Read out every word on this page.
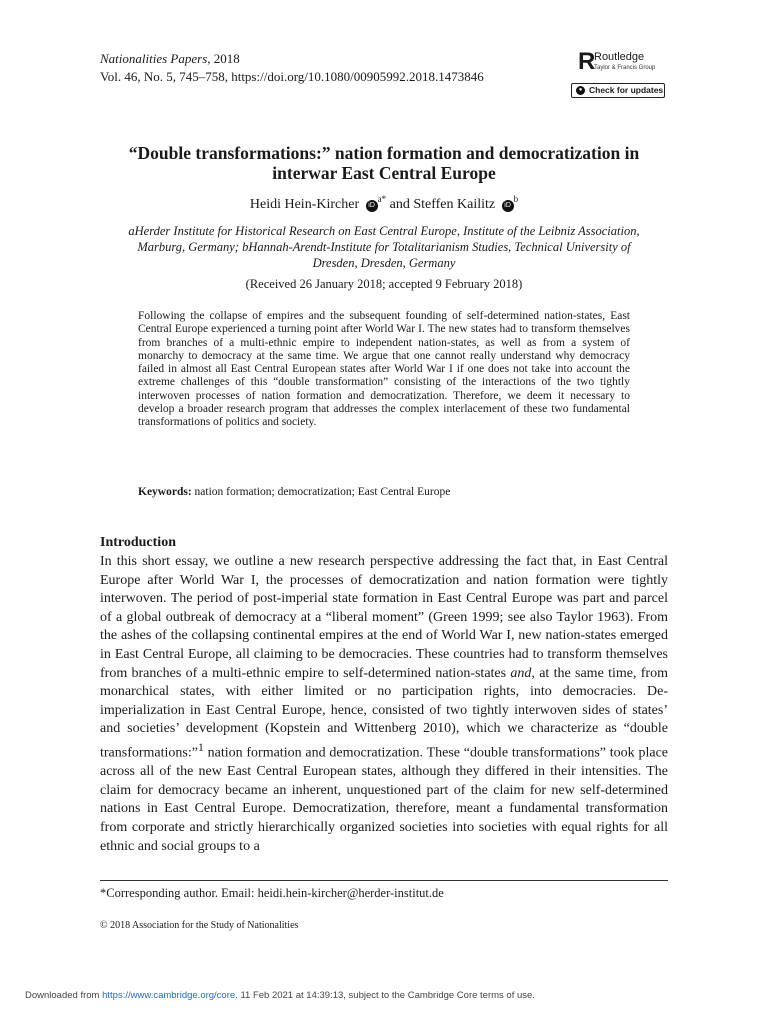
Nationalities Papers, 2018
Vol. 46, No. 5, 745–758, https://doi.org/10.1080/00905992.2018.1473846
R
Routledge
Taylor & Francis Group
● Check for updates
“Double transformations:” nation formation and democratization in
interwar East Central Europe
Heidi Hein-Kircher $iD^{a*}$ and Steffen Kailitz $iD^b$
aHerder Institute for Historical Research on East Central Europe, Institute of the Leibniz Association,
Marburg, Germany; bHannah-Arendt-Institute for Totalitarianism Studies, Technical University of
Dresden, Dresden, Germany
(Received 26 January 2018; accepted 9 February 2018)
Following the collapse of empires and the subsequent founding of self-determined nation-states, East Central Europe experienced a turning point after World War I. The new states had to transform themselves from branches of a multi-ethnic empire to independent nation-states, as well as from a system of monarchy to democracy at the same time. We argue that one cannot really understand why democracy failed in almost all East Central European states after World War I if one does not take into account the extreme challenges of this “double transformation” consisting of the interactions of the two tightly interwoven processes of nation formation and democratization. Therefore, we deem it necessary to develop a broader research program that addresses the complex interlacement of these two fundamental transformations of politics and society.
Keywords: nation formation; democratization; East Central Europe
Introduction
In this short essay, we outline a new research perspective addressing the fact that, in East Central Europe after World War I, the processes of democratization and nation formation were tightly interwoven. The period of post-imperial state formation in East Central Europe was part and parcel of a global outbreak of democracy at a “liberal moment” (Green 1999; see also Taylor 1963). From the ashes of the collapsing continental empires at the end of World War I, new nation-states emerged in East Central Europe, all claiming to be democracies. These countries had to transform themselves from branches of a multi-ethnic empire to self-determined nation-states and, at the same time, from monarchical states, with either limited or no participation rights, into democracies. De-imperialization in East Central Europe, hence, consisted of two tightly interwoven sides of states’ and societies’ development (Kopstein and Wittenberg 2010), which we characterize as “double transformations:”$^1$ nation formation and democratization. These “double transformations” took place across all of the new East Central European states, although they differed in their intensities. The claim for democracy became an inherent, unquestioned part of the claim for new self-determined nations in East Central Europe. Democratization, therefore, meant a fundamental transformation from corporate and strictly hierarchically organized societies into societies with equal rights for all ethnic and social groups to a
*Corresponding author. Email: heidi.hein-kircher@herder-institut.de
© 2018 Association for the Study of Nationalities
Downloaded from https://www.cambridge.org/core. 11 Feb 2021 at 14:39:13, subject to the Cambridge Core terms of use.
